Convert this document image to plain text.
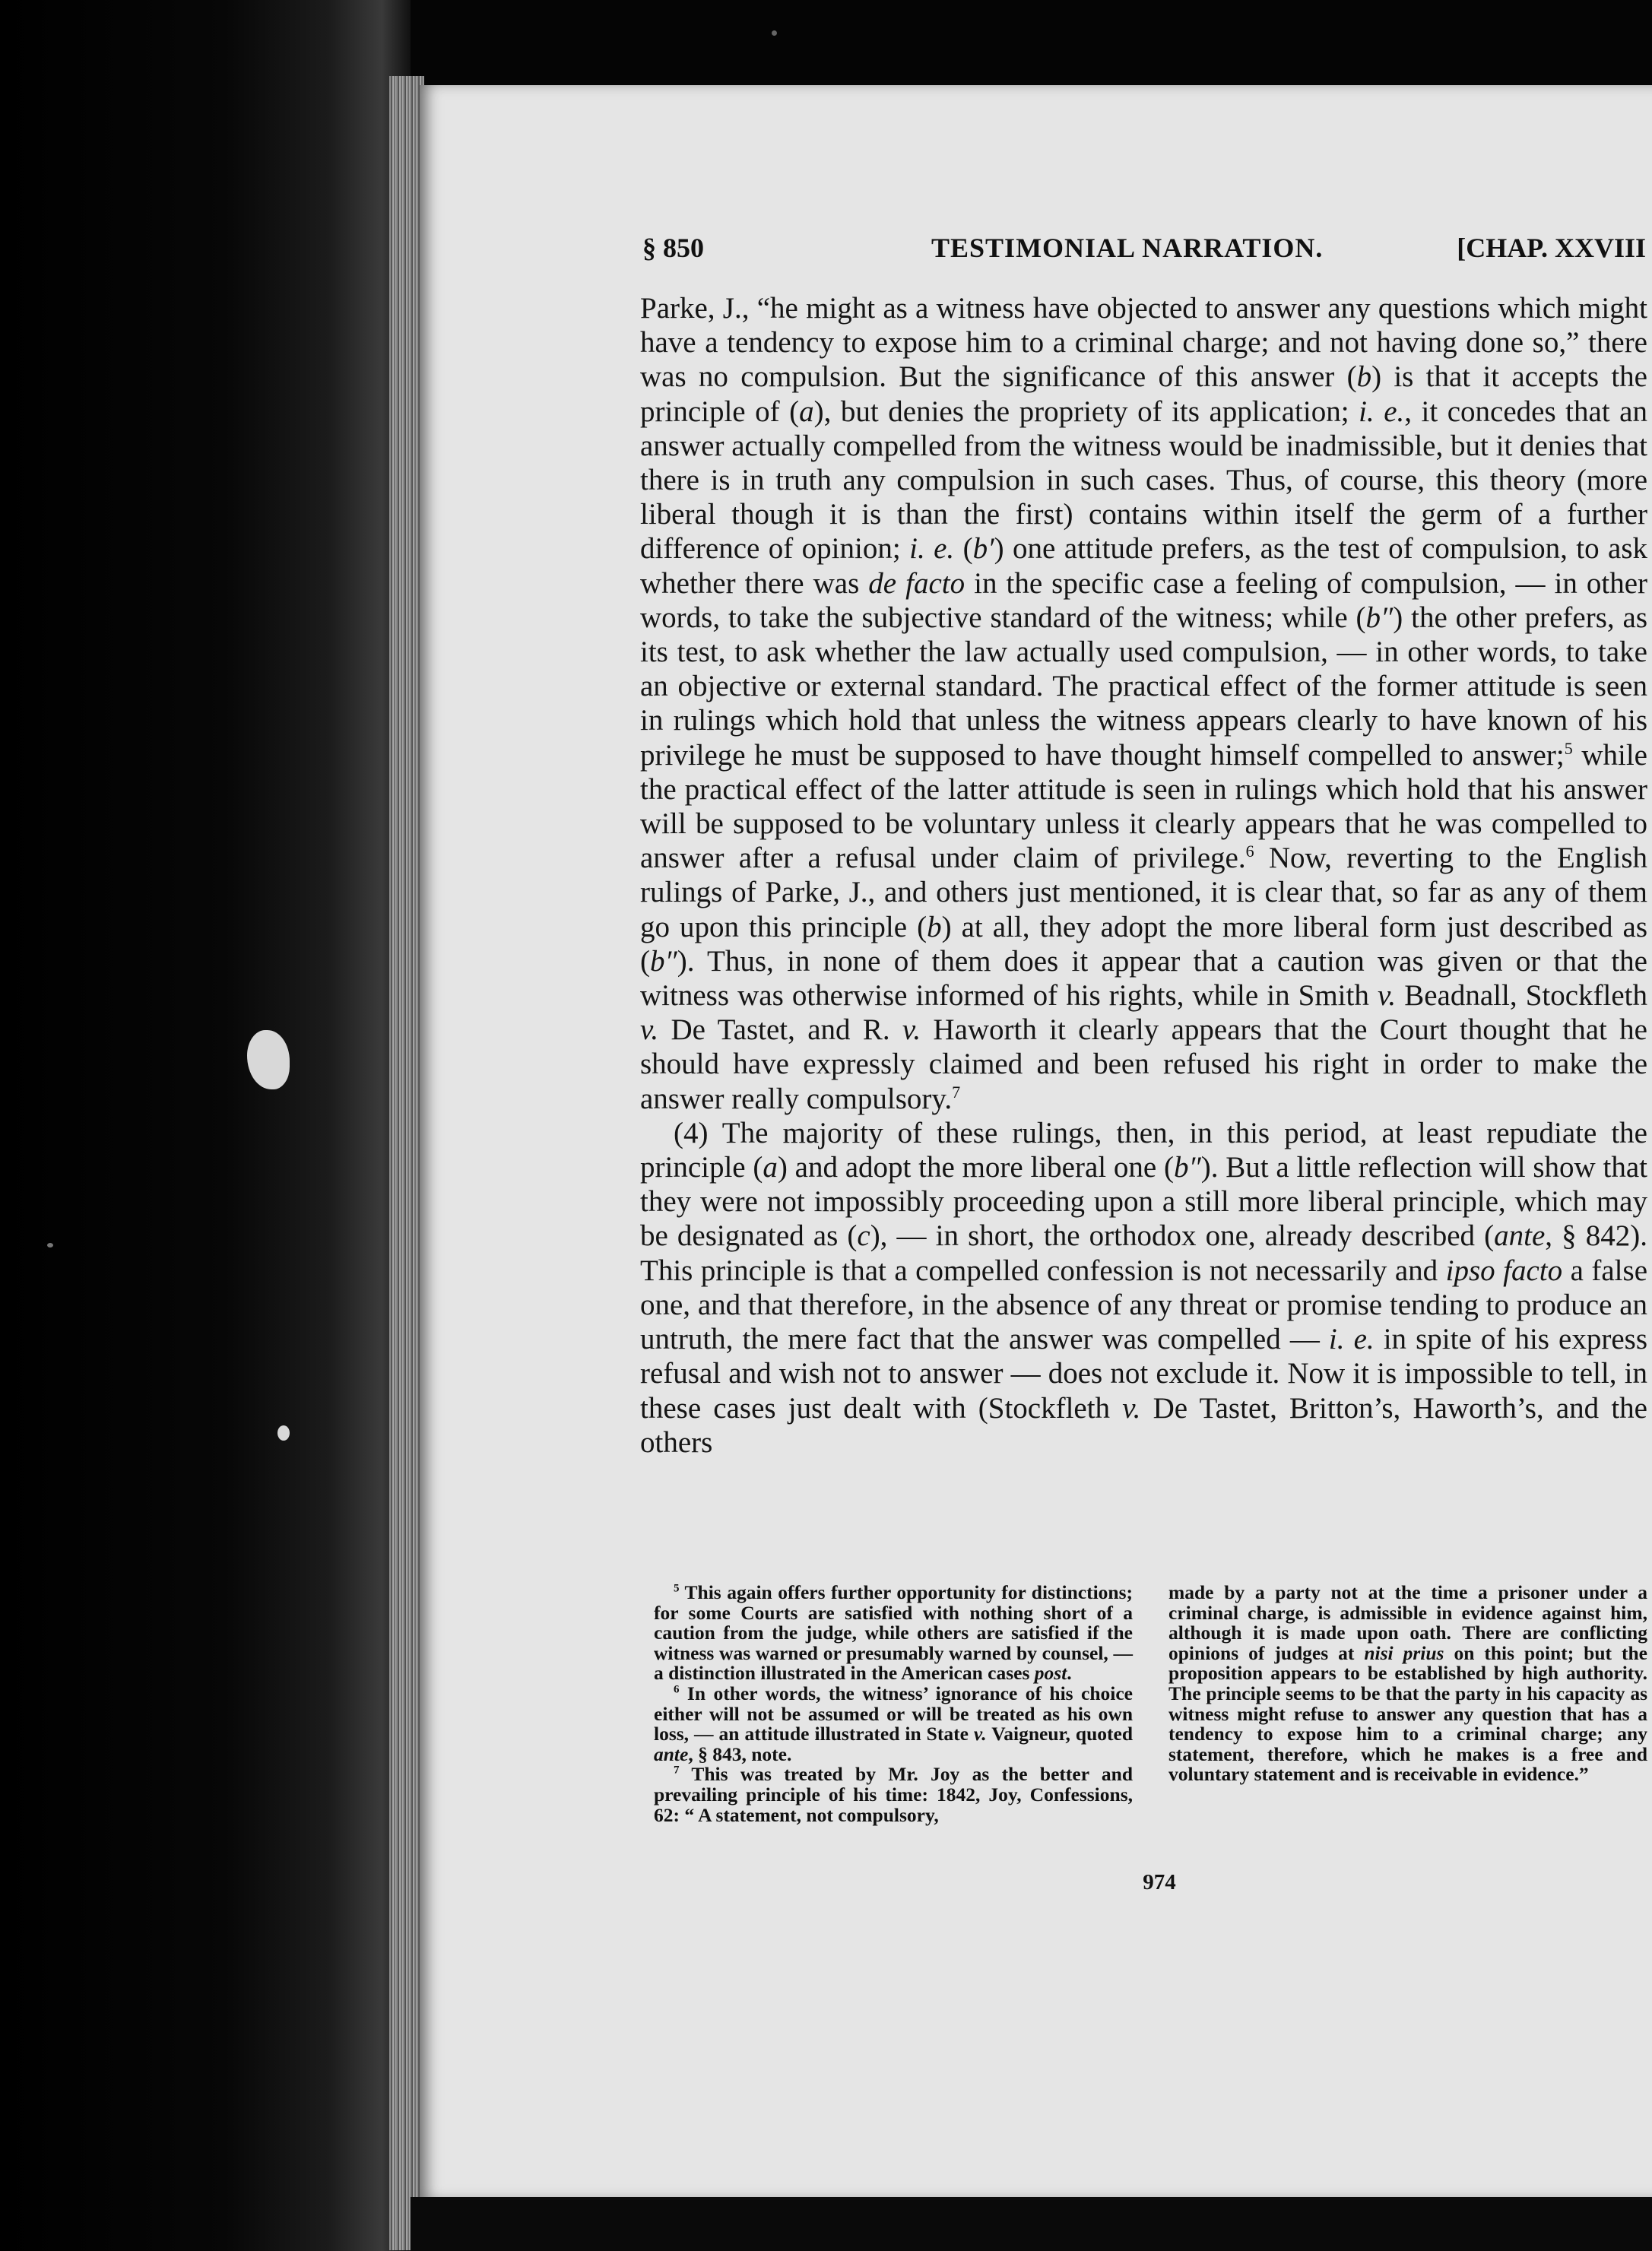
§ 850	TESTIMONIAL NARRATION.	[CHAP. XXVIII

Parke, J., “he might as a witness have objected to answer any questions which might have a tendency to expose him to a criminal charge; and not having done so,” there was no compulsion. But the significance of this answer (b) is that it accepts the principle of (a), but denies the propriety of its application; i. e., it concedes that an answer actually compelled from the witness would be inadmissible, but it denies that there is in truth any compulsion in such cases. Thus, of course, this theory (more liberal though it is than the first) contains within itself the germ of a further difference of opinion; i. e. (b′) one attitude prefers, as the test of compulsion, to ask whether there was de facto in the specific case a feeling of compulsion, — in other words, to take the subjective standard of the witness; while (b″) the other prefers, as its test, to ask whether the law actually used compulsion, — in other words, to take an objective or external standard. The practical effect of the former attitude is seen in rulings which hold that unless the witness appears clearly to have known of his privilege he must be supposed to have thought himself compelled to answer;$^5$ while the practical effect of the latter attitude is seen in rulings which hold that his answer will be supposed to be voluntary unless it clearly appears that he was compelled to answer after a refusal under claim of privilege.$^6$ Now, reverting to the English rulings of Parke, J., and others just mentioned, it is clear that, so far as any of them go upon this principle (b) at all, they adopt the more liberal form just described as (b″). Thus, in none of them does it appear that a caution was given or that the witness was otherwise informed of his rights, while in Smith v. Beadnall, Stockfleth v. De Tastet, and R. v. Haworth it clearly appears that the Court thought that he should have expressly claimed and been refused his right in order to make the answer really compulsory.$^7$

(4) The majority of these rulings, then, in this period, at least repudiate the principle (a) and adopt the more liberal one (b″). But a little reflection will show that they were not impossibly proceeding upon a still more liberal principle, which may be designated as (c), — in short, the orthodox one, already described (ante, § 842). This principle is that a compelled confession is not necessarily and ipso facto a false one, and that therefore, in the absence of any threat or promise tending to produce an untruth, the mere fact that the answer was compelled — i. e. in spite of his express refusal and wish not to answer — does not exclude it. Now it is impossible to tell, in these cases just dealt with (Stockfleth v. De Tastet, Britton’s, Haworth’s, and the others

$^5$ This again offers further opportunity for distinctions; for some Courts are satisfied with nothing short of a caution from the judge, while others are satisfied if the witness was warned or presumably warned by counsel, — a distinction illustrated in the American cases post.

$^6$ In other words, the witness’ ignorance of his choice either will not be assumed or will be treated as his own loss, — an attitude illustrated in State v. Vaigneur, quoted ante, § 843, note.

$^7$ This was treated by Mr. Joy as the better and prevailing principle of his time: 1842, Joy, Confessions, 62: “ A statement, not compulsory,

made by a party not at the time a prisoner under a criminal charge, is admissible in evidence against him, although it is made upon oath. There are conflicting opinions of judges at nisi prius on this point; but the proposition appears to be established by high authority. The principle seems to be that the party in his capacity as witness might refuse to answer any question that has a tendency to expose him to a criminal charge; any statement, therefore, which he makes is a free and voluntary statement and is receivable in evidence.”

974
